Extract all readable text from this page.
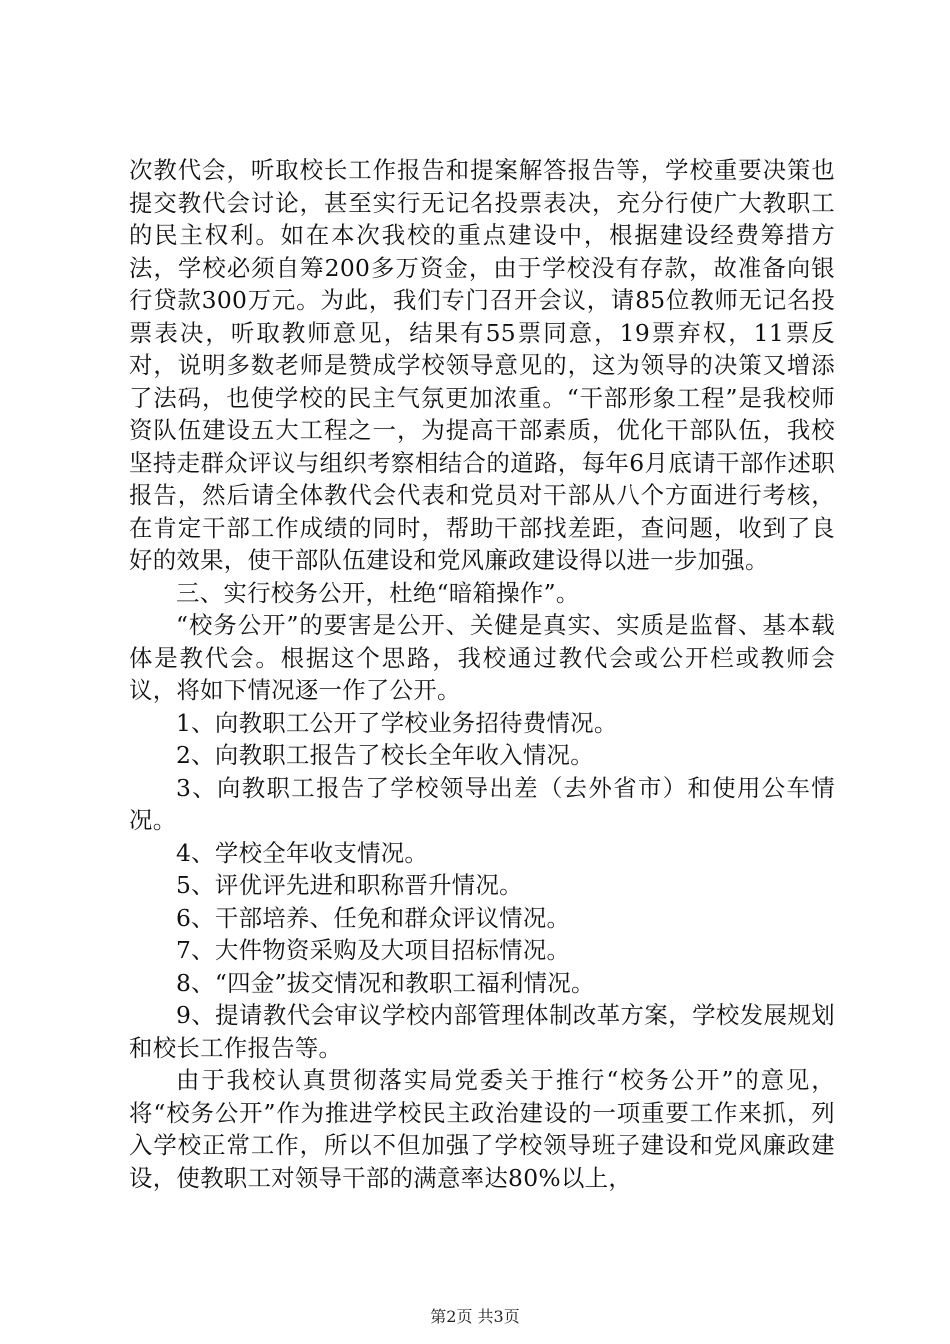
次教代会，听取校长工作报告和提案解答报告等，学校重要决策也提交教代会讨论，甚至实行无记名投票表决，充分行使广大教职工的民主权利。如在本次我校的重点建设中，根据建设经费筹措方法，学校必须自筹200多万资金，由于学校没有存款，故准备向银行贷款300万元。为此，我们专门召开会议，请85位教师无记名投票表决，听取教师意见，结果有55票同意，19票弃权，11票反对，说明多数老师是赞成学校领导意见的，这为领导的决策又增添了法码，也使学校的民主气氛更加浓重。“干部形象工程”是我校师资队伍建设五大工程之一，为提高干部素质，优化干部队伍，我校坚持走群众评议与组织考察相结合的道路，每年6月底请干部作述职报告，然后请全体教代会代表和党员对干部从八个方面进行考核，在肯定干部工作成绩的同时，帮助干部找差距，查问题，收到了良好的效果，使干部队伍建设和党风廉政建设得以进一步加强。

三、实行校务公开，杜绝“暗箱操作”。

“校务公开”的要害是公开、关健是真实、实质是监督、基本载体是教代会。根据这个思路，我校通过教代会或公开栏或教师会议，将如下情况逐一作了公开。

1、向教职工公开了学校业务招待费情况。

2、向教职工报告了校长全年收入情况。

3、向教职工报告了学校领导出差（去外省市）和使用公车情况。

4、学校全年收支情况。

5、评优评先进和职称晋升情况。

6、干部培养、任免和群众评议情况。

7、大件物资采购及大项目招标情况。

8、“四金”拔交情况和教职工福利情况。

9、提请教代会审议学校内部管理体制改革方案，学校发展规划和校长工作报告等。

由于我校认真贯彻落实局党委关于推行“校务公开”的意见，将“校务公开”作为推进学校民主政治建设的一项重要工作来抓，列入学校正常工作，所以不但加强了学校领导班子建设和党风廉政建设，使教职工对领导干部的满意率达80%以上，

第2页 共3页
